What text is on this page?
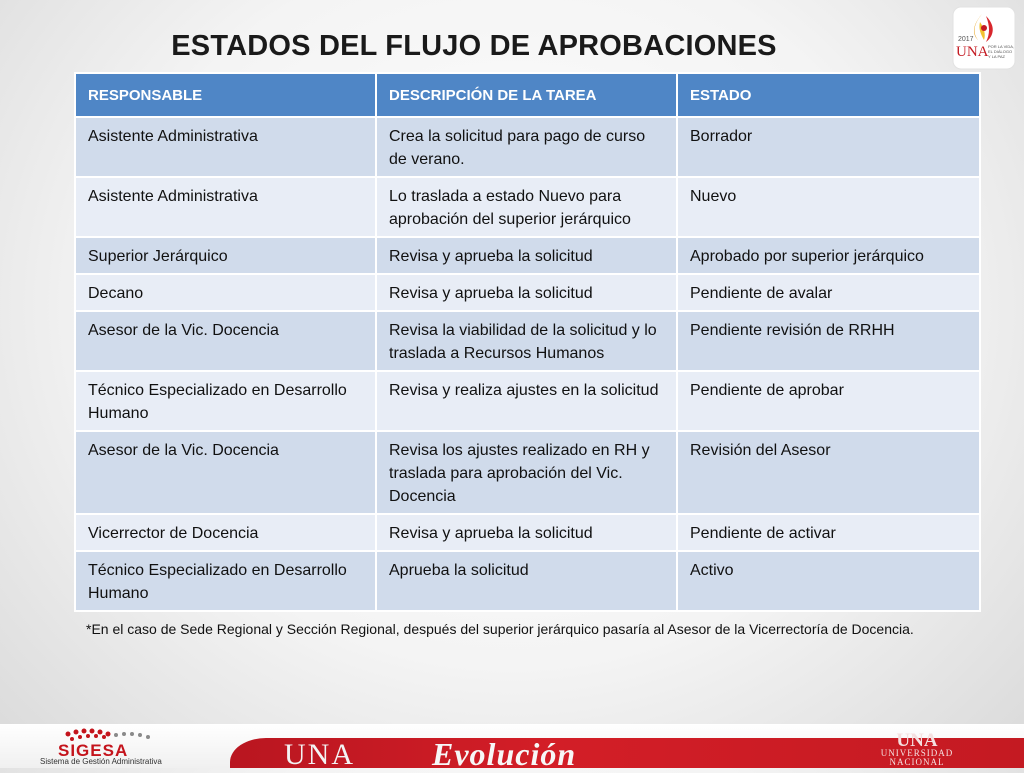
ESTADOS DEL FLUJO DE APROBACIONES	2017
UNA POR LA VIDA, EL DIÁLOGO Y LA PAZ
RESPONSABLE	DESCRIPCIÓN DE LA TAREA	ESTADO
Asistente Administrativa	Crea la solicitud para pago de curso de verano.	Borrador
Asistente Administrativa	Lo traslada a estado Nuevo para aprobación del superior jerárquico	Nuevo
Superior Jerárquico	Revisa y aprueba la solicitud	Aprobado por superior jerárquico
Decano	Revisa y aprueba la solicitud	Pendiente de avalar
Asesor de la Vic. Docencia	Revisa la viabilidad de la solicitud y lo traslada a Recursos Humanos	Pendiente revisión de RRHH
Técnico Especializado en Desarrollo Humano	Revisa y realiza ajustes en la solicitud	Pendiente de aprobar
Asesor de la Vic. Docencia	Revisa los ajustes realizado en RH y traslada para aprobación del Vic. Docencia	Revisión del Asesor
Vicerrector de Docencia	Revisa y aprueba la solicitud	Pendiente de activar
Técnico Especializado en Desarrollo Humano	Aprueba la solicitud	Activo
*En el caso de Sede Regional y Sección Regional, después del superior jerárquico pasaría al Asesor de la Vicerrectoría de Docencia.
UNA Evolución
SIGESA
Sistema de Gestión Administrativa
UNA
UNIVERSIDAD
NACIONAL
